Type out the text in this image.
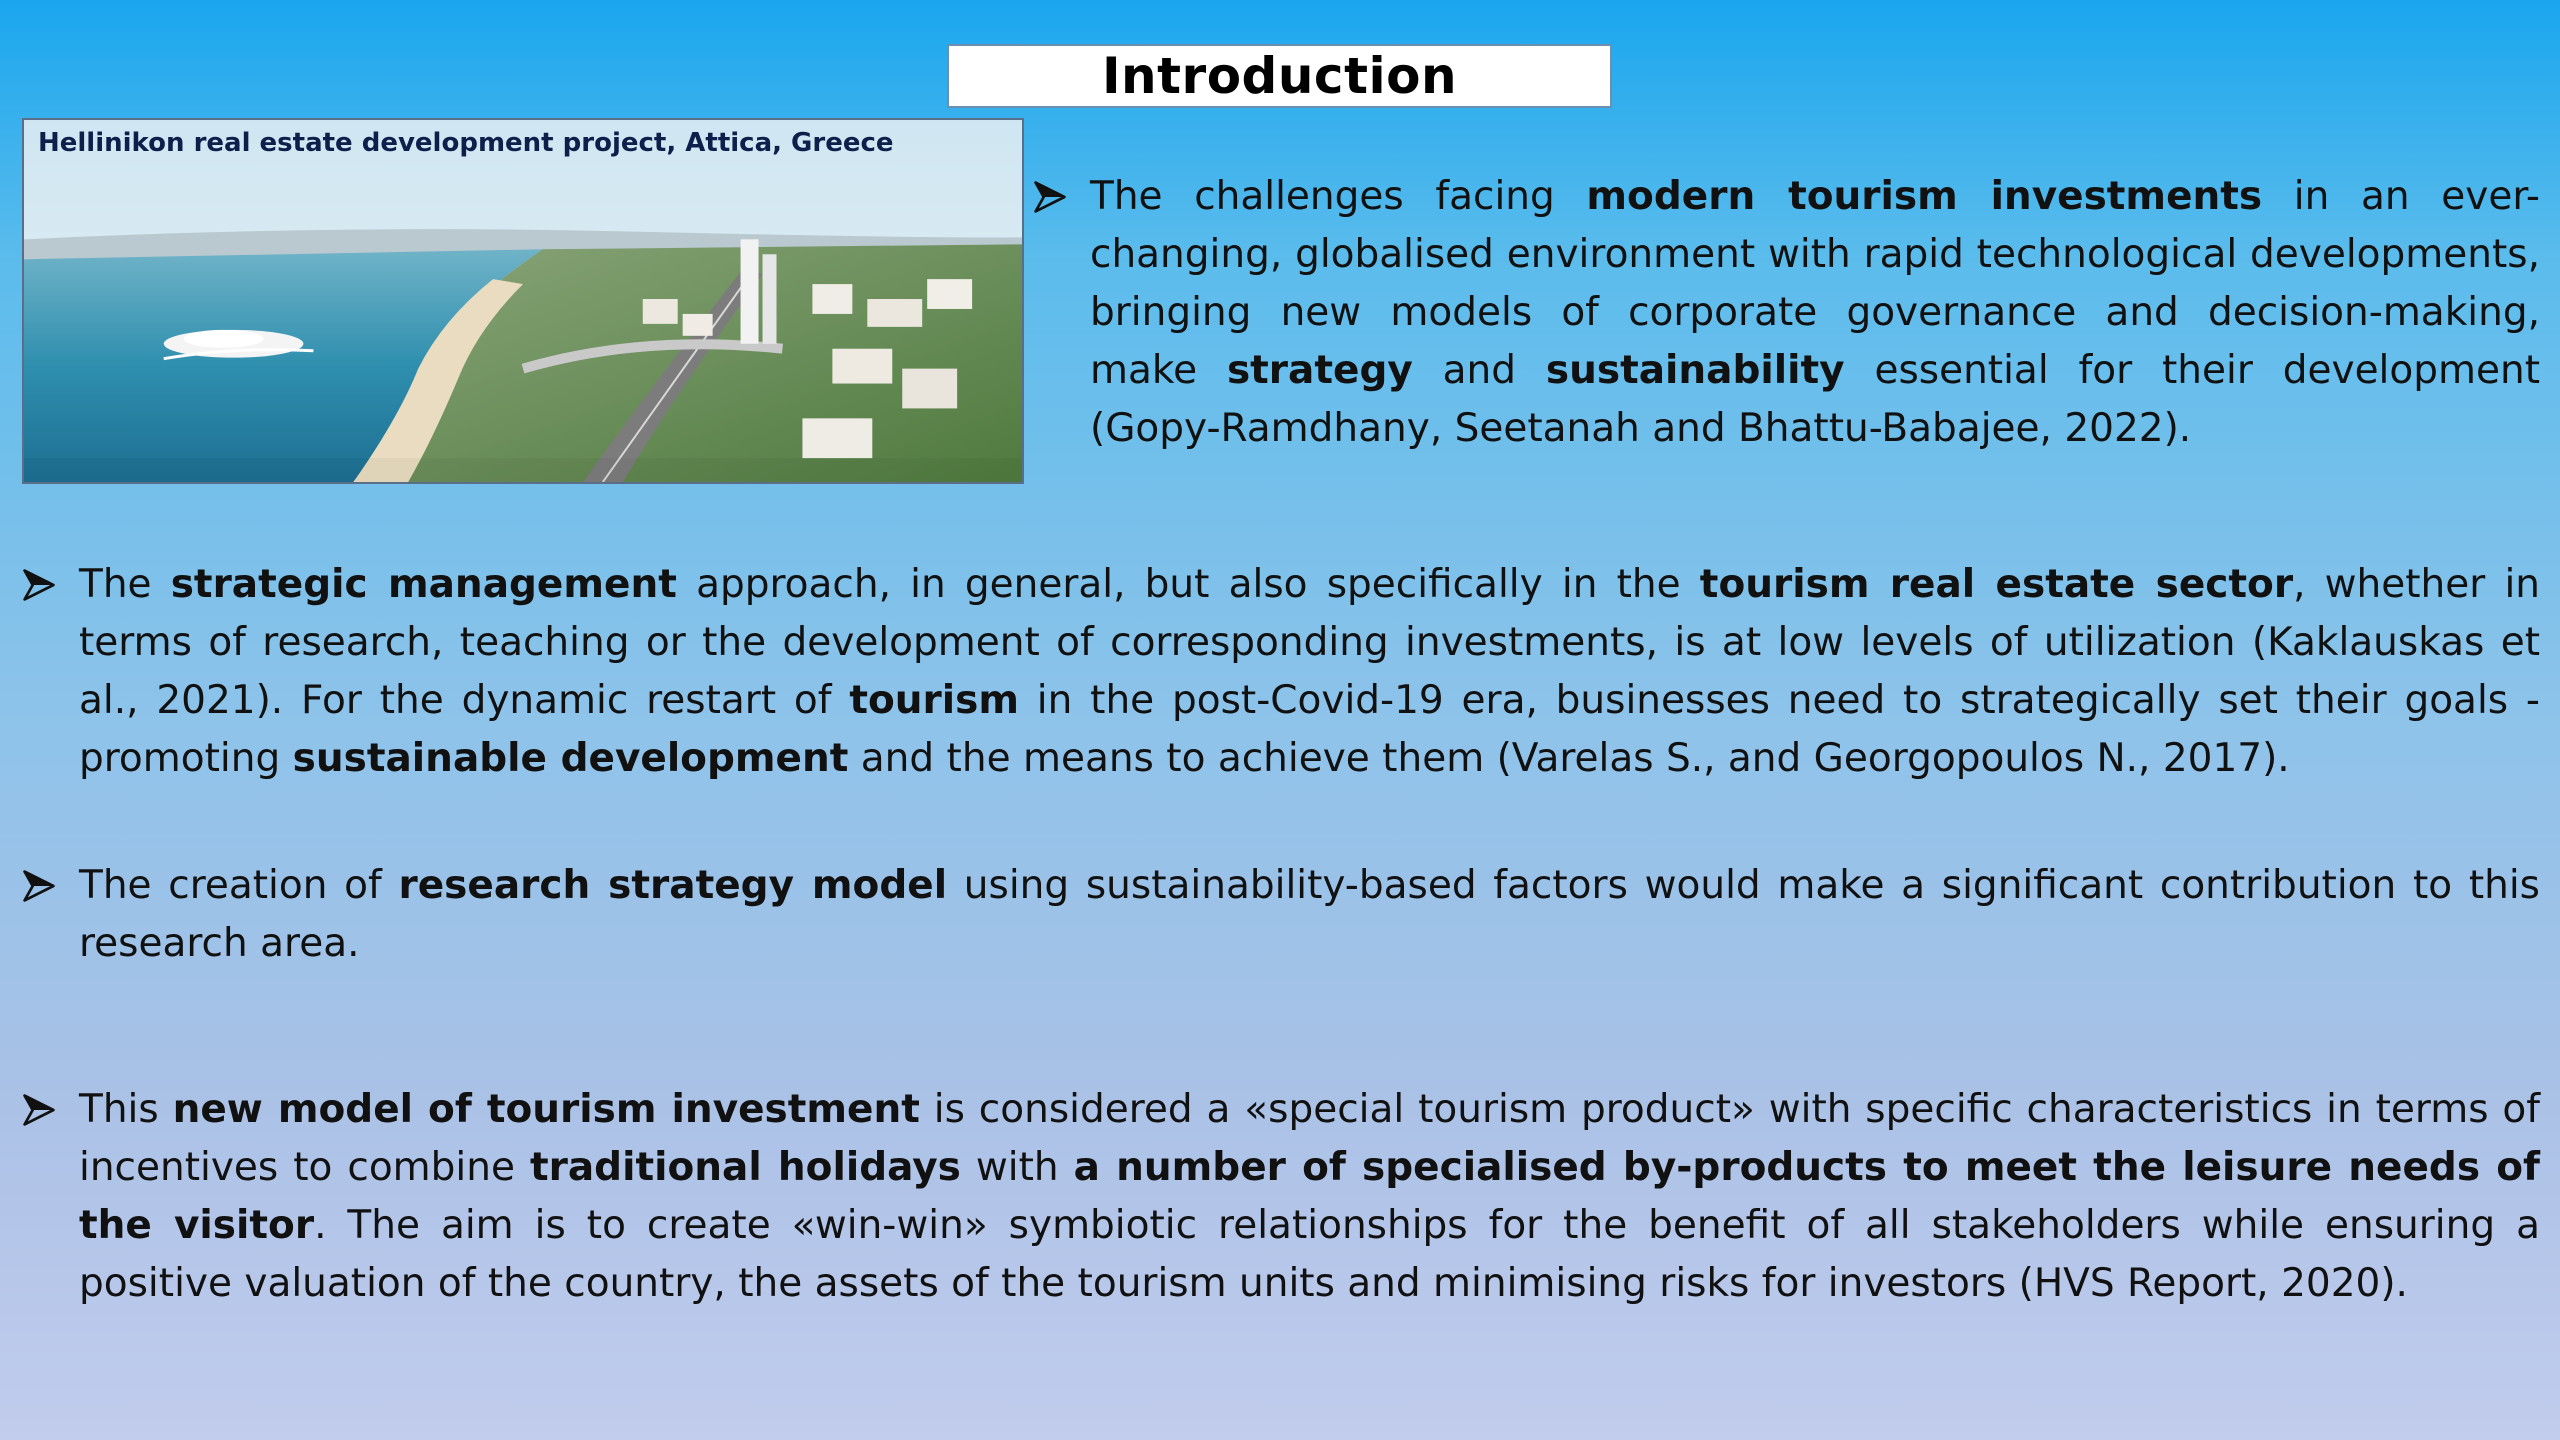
Introduction
Hellinikon real estate development project, Attica, Greece
The challenges facing modern tourism investments in an ever-changing, globalised environment with rapid technological developments, bringing new models of corporate governance and decision-making, make strategy and sustainability essential for their development (Gopy-Ramdhany, Seetanah and Bhattu-Babajee, 2022).
The strategic management approach, in general, but also specifically in the tourism real estate sector, whether in terms of research, teaching or the development of corresponding investments, is at low levels of utilization (Kaklauskas et al., 2021). For the dynamic restart of tourism in the post-Covid-19 era, businesses need to strategically set their goals - promoting sustainable development and the means to achieve them (Varelas S., and Georgopoulos N., 2017).
The creation of research strategy model using sustainability-based factors would make a significant contribution to this research area.
This new model of tourism investment is considered a «special tourism product» with specific characteristics in terms of incentives to combine traditional holidays with a number of specialised by-products to meet the leisure needs of the visitor. The aim is to create «win-win» symbiotic relationships for the benefit of all stakeholders while ensuring a positive valuation of the country, the assets of the tourism units and minimising risks for investors (HVS Report, 2020).
